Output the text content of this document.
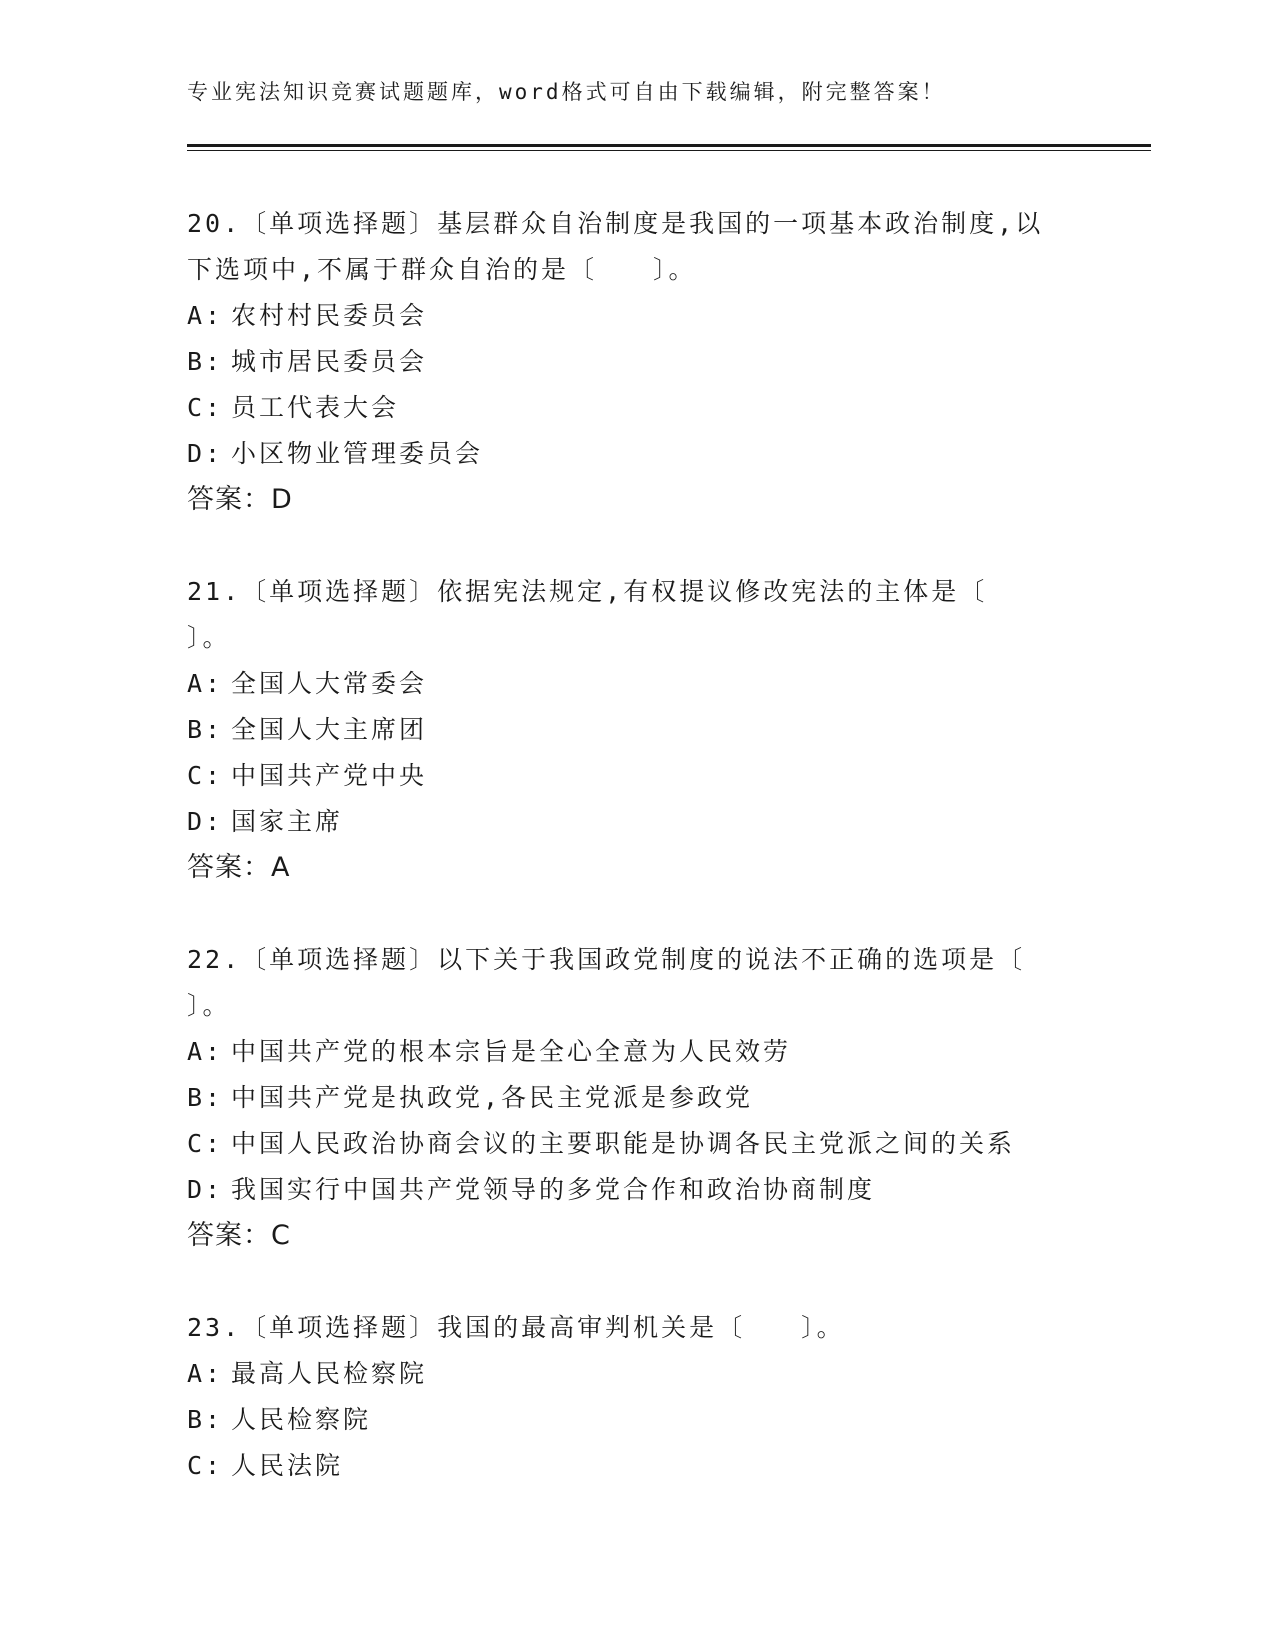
专业宪法知识竞赛试题题库，word格式可自由下载编辑，附完整答案！
20.〔单项选择题〕基层群众自治制度是我国的一项基本政治制度,以下选项中,不属于群众自治的是〔　　〕。
A: 农村村民委员会
B: 城市居民委员会
C: 员工代表大会
D: 小区物业管理委员会
答案：D
21.〔单项选择题〕依据宪法规定,有权提议修改宪法的主体是〔　　〕。
A: 全国人大常委会
B: 全国人大主席团
C: 中国共产党中央
D: 国家主席
答案：A
22.〔单项选择题〕以下关于我国政党制度的说法不正确的选项是〔　　〕。
A: 中国共产党的根本宗旨是全心全意为人民效劳
B: 中国共产党是执政党,各民主党派是参政党
C: 中国人民政治协商会议的主要职能是协调各民主党派之间的关系
D: 我国实行中国共产党领导的多党合作和政治协商制度
答案：C
23.〔单项选择题〕我国的最高审判机关是〔　　〕。
A: 最高人民检察院
B: 人民检察院
C: 人民法院
